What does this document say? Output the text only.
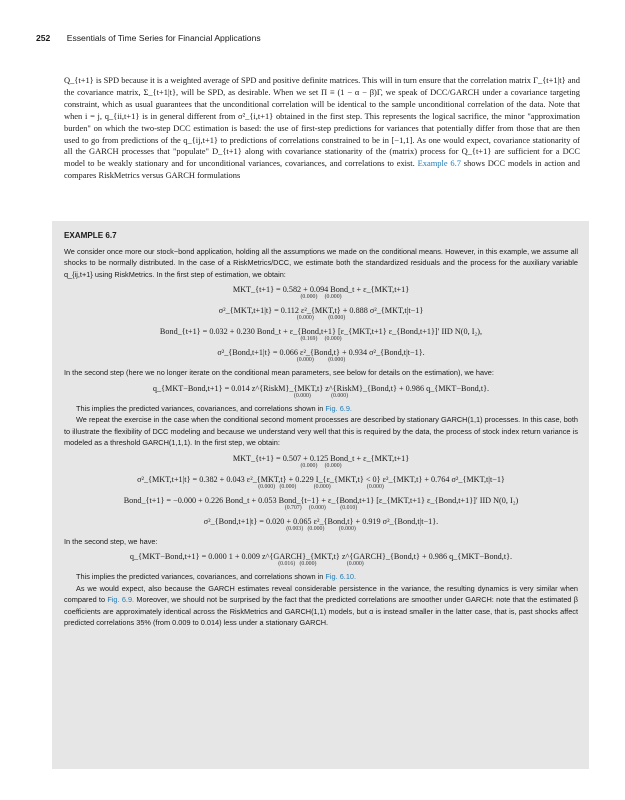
252 Essentials of Time Series for Financial Applications

Q_{t+1} is SPD because it is a weighted average of SPD and positive definite matrices. This will in turn ensure that the correlation matrix Γ_{t+1|t} and the covariance matrix, Σ_{t+1|t}, will be SPD, as desirable. When we set Π ≡ (1 − α − β)Γ, we speak of DCC/GARCH under a covariance targeting constraint, which as usual guarantees that the unconditional correlation will be identical to the sample unconditional correlation of the data. Note that when i = j, q_{ii,t+1} is in general different from σ²_{i,t+1} obtained in the first step. This represents the logical sacrifice, the minor "approximation burden" on which the two-step DCC estimation is based: the use of first-step predictions for variances that potentially differ from those that are then used to go from predictions of the q_{ij,t+1} to predictions of correlations constrained to be in [−1,1]. As one would expect, covariance stationarity of all the GARCH processes that "populate" D_{t+1} along with covariance stationarity of the (matrix) process for Q_{t+1} are sufficient for a DCC model to be weakly stationary and for unconditional variances, covariances, and correlations to exist. Example 6.7 shows DCC models in action and compares RiskMetrics versus GARCH formulations

EXAMPLE 6.7

We consider once more our stock−bond application, holding all the assumptions we made on the conditional means. However, in this example, we assume all shocks to be normally distributed. In the case of a RiskMetrics/DCC, we estimate both the standardized residuals and the process for the auxiliary variable q_{ij,t+1} using RiskMetrics. In the first step of estimation, we obtain:

MKT_{t+1} = 0.582 + 0.094 Bond_t + ε_{MKT,t+1}
(0.000)     (0.000)
σ²_{MKT,t+1|t} = 0.112 ε²_{MKT,t} + 0.888 σ²_{MKT,t|t−1}
(0.000)          (0.000)
Bond_{t+1} = 0.032 + 0.230 Bond_t + ε_{Bond,t+1} [ε_{MKT,t+1} ε_{Bond,t+1}]′ IID N(0, I₂),
(0.169)     (0.000)
σ²_{Bond,t+1|t} = 0.066 ε²_{Bond,t} + 0.934 σ²_{Bond,t|t−1}.
(0.000)          (0.000)

In the second step (here we no longer iterate on the conditional mean parameters, see below for details on the estimation), we have:

q_{MKT−Bond,t+1} = 0.014 z^{RiskM}_{MKT,t} z^{RiskM}_{Bond,t} + 0.986 q_{MKT−Bond,t}.
(0.000)              (0.000)

This implies the predicted variances, covariances, and correlations shown in Fig. 6.9.

We repeat the exercise in the case when the conditional second moment processes are described by stationary GARCH(1,1) processes. In this case, both to illustrate the flexibility of DCC modeling and because we understand very well that this is required by the data, the process of stock index return variance is modeled as a threshold GARCH(1,1,1). In the first step, we obtain:

MKT_{t+1} = 0.507 + 0.125 Bond_t + ε_{MKT,t+1}
(0.000)     (0.000)
σ²_{MKT,t+1|t} = 0.382 + 0.043 ε²_{MKT,t} + 0.229 I_{ε_{MKT,t} < 0} ε²_{MKT,t} + 0.764 σ²_{MKT,t|t−1}
(0.000)   (0.000)            (0.000)                         (0.000)
Bond_{t+1} = −0.000 + 0.226 Bond_t + 0.053 Bond_{t−1} + ε_{Bond,t+1} [ε_{MKT,t+1} ε_{Bond,t+1}]′ IID N(0, I₂)
(0.707)     (0.000)          (0.010)
σ²_{Bond,t+1|t} = 0.020 + 0.065 ε²_{Bond,t} + 0.919 σ²_{Bond,t|t−1}.
(0.003)   (0.000)          (0.000)

In the second step, we have:

q_{MKT−Bond,t+1} = 0.000 1 + 0.009 z^{GARCH}_{MKT,t} z^{GARCH}_{Bond,t} + 0.986 q_{MKT−Bond,t}.
(0.016)   (0.000)                     (0.000)

This implies the predicted variances, covariances, and correlations shown in Fig. 6.10.

As we would expect, also because the GARCH estimates reveal considerable persistence in the variance, the resulting dynamics is very similar when compared to Fig. 6.9. Moreover, we should not be surprised by the fact that the predicted correlations are smoother under GARCH: note that the estimated β coefficients are approximately identical across the RiskMetrics and GARCH(1,1) models, but α is instead smaller in the latter case, that is, past shocks affect predicted correlations 35% (from 0.009 to 0.014) less under a stationary GARCH.
